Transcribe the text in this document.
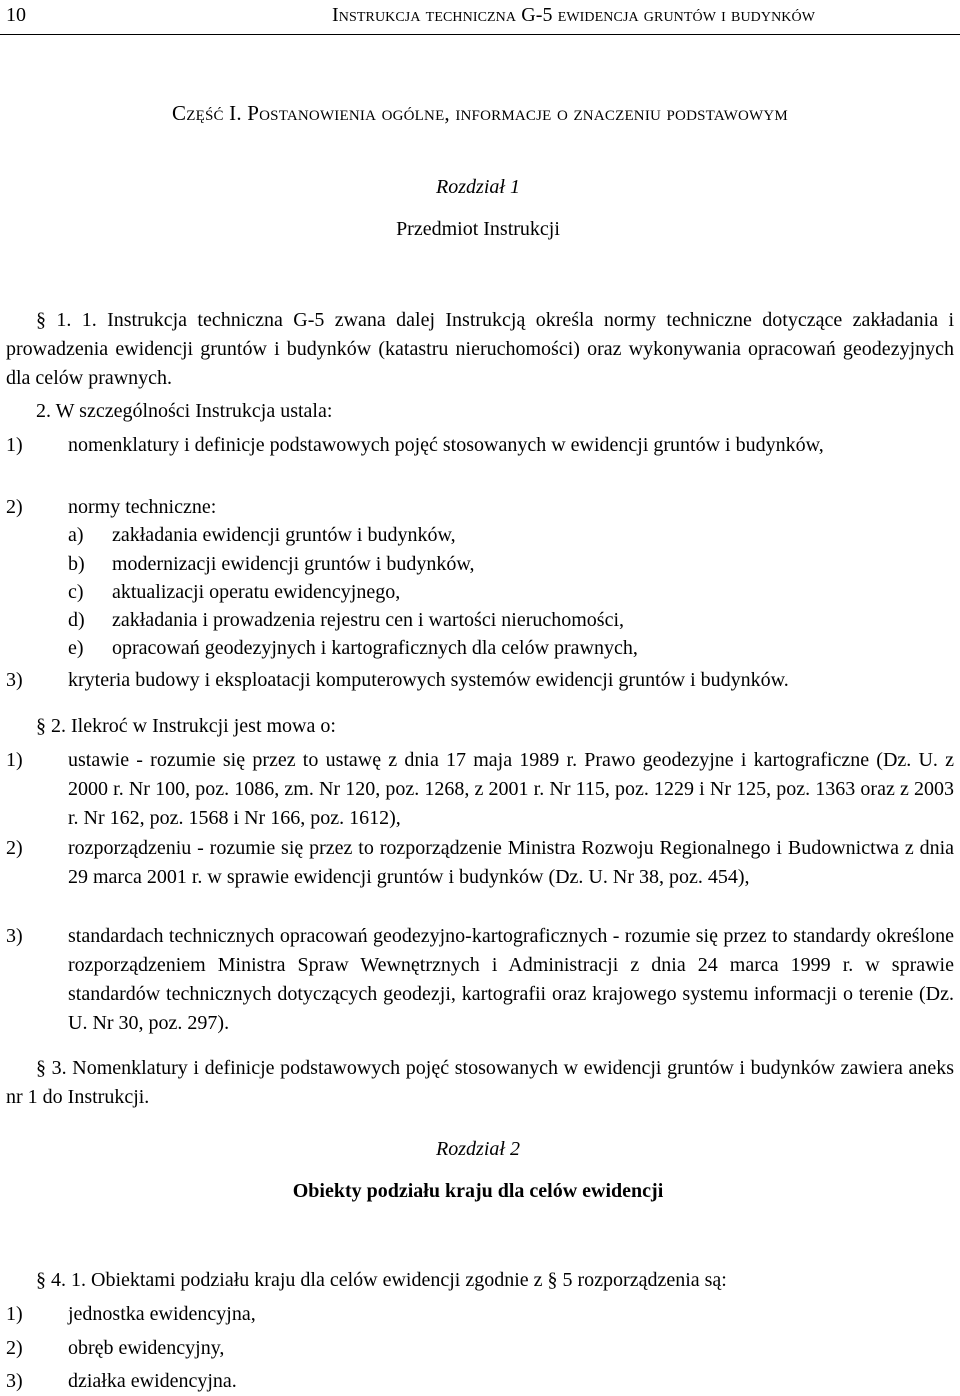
10	Instrukcja techniczna G-5 ewidencja gruntów i budynków
Część I. Postanowienia ogólne, informacje o znaczeniu podstawowym
Rozdział 1
Przedmiot Instrukcji
§ 1. 1. Instrukcja techniczna G-5 zwana dalej Instrukcją określa normy techniczne dotyczące zakładania i prowadzenia ewidencji gruntów i budynków (katastru nieruchomości) oraz wykonywania opracowań geodezyjnych dla celów prawnych.
2. W szczególności Instrukcja ustala:
1) nomenklatury i definicje podstawowych pojęć stosowanych w ewidencji gruntów i budynków,
2) normy techniczne:
a) zakładania ewidencji gruntów i budynków,
b) modernizacji ewidencji gruntów i budynków,
c) aktualizacji operatu ewidencyjnego,
d) zakładania i prowadzenia rejestru cen i wartości nieruchomości,
e) opracowań geodezyjnych i kartograficznych dla celów prawnych,
3) kryteria budowy i eksploatacji komputerowych systemów ewidencji gruntów i budynków.
§ 2. Ilekroć w Instrukcji jest mowa o:
1) ustawie - rozumie się przez to ustawę z dnia 17 maja 1989 r. Prawo geodezyjne i kartograficzne (Dz. U. z 2000 r. Nr 100, poz. 1086, zm. Nr 120, poz. 1268, z 2001 r. Nr 115, poz. 1229 i Nr 125, poz. 1363 oraz z 2003 r. Nr 162, poz. 1568 i Nr 166, poz. 1612),
2) rozporządzeniu - rozumie się przez to rozporządzenie Ministra Rozwoju Regionalnego i Budownictwa z dnia 29 marca 2001 r. w sprawie ewidencji gruntów i budynków (Dz. U. Nr 38, poz. 454),
3) standardach technicznych opracowań geodezyjno-kartograficznych - rozumie się przez to standardy określone rozporządzeniem Ministra Spraw Wewnętrznych i Administracji z dnia 24 marca 1999 r. w sprawie standardów technicznych dotyczących geodezji, kartografii oraz krajowego systemu informacji o terenie (Dz. U. Nr 30, poz. 297).
§ 3. Nomenklatury i definicje podstawowych pojęć stosowanych w ewidencji gruntów i budynków zawiera aneks nr 1 do Instrukcji.
Rozdział 2
Obiekty podziału kraju dla celów ewidencji
§ 4. 1. Obiektami podziału kraju dla celów ewidencji zgodnie z § 5 rozporządzenia są:
1) jednostka ewidencyjna,
2) obręb ewidencyjny,
3) działka ewidencyjna.
